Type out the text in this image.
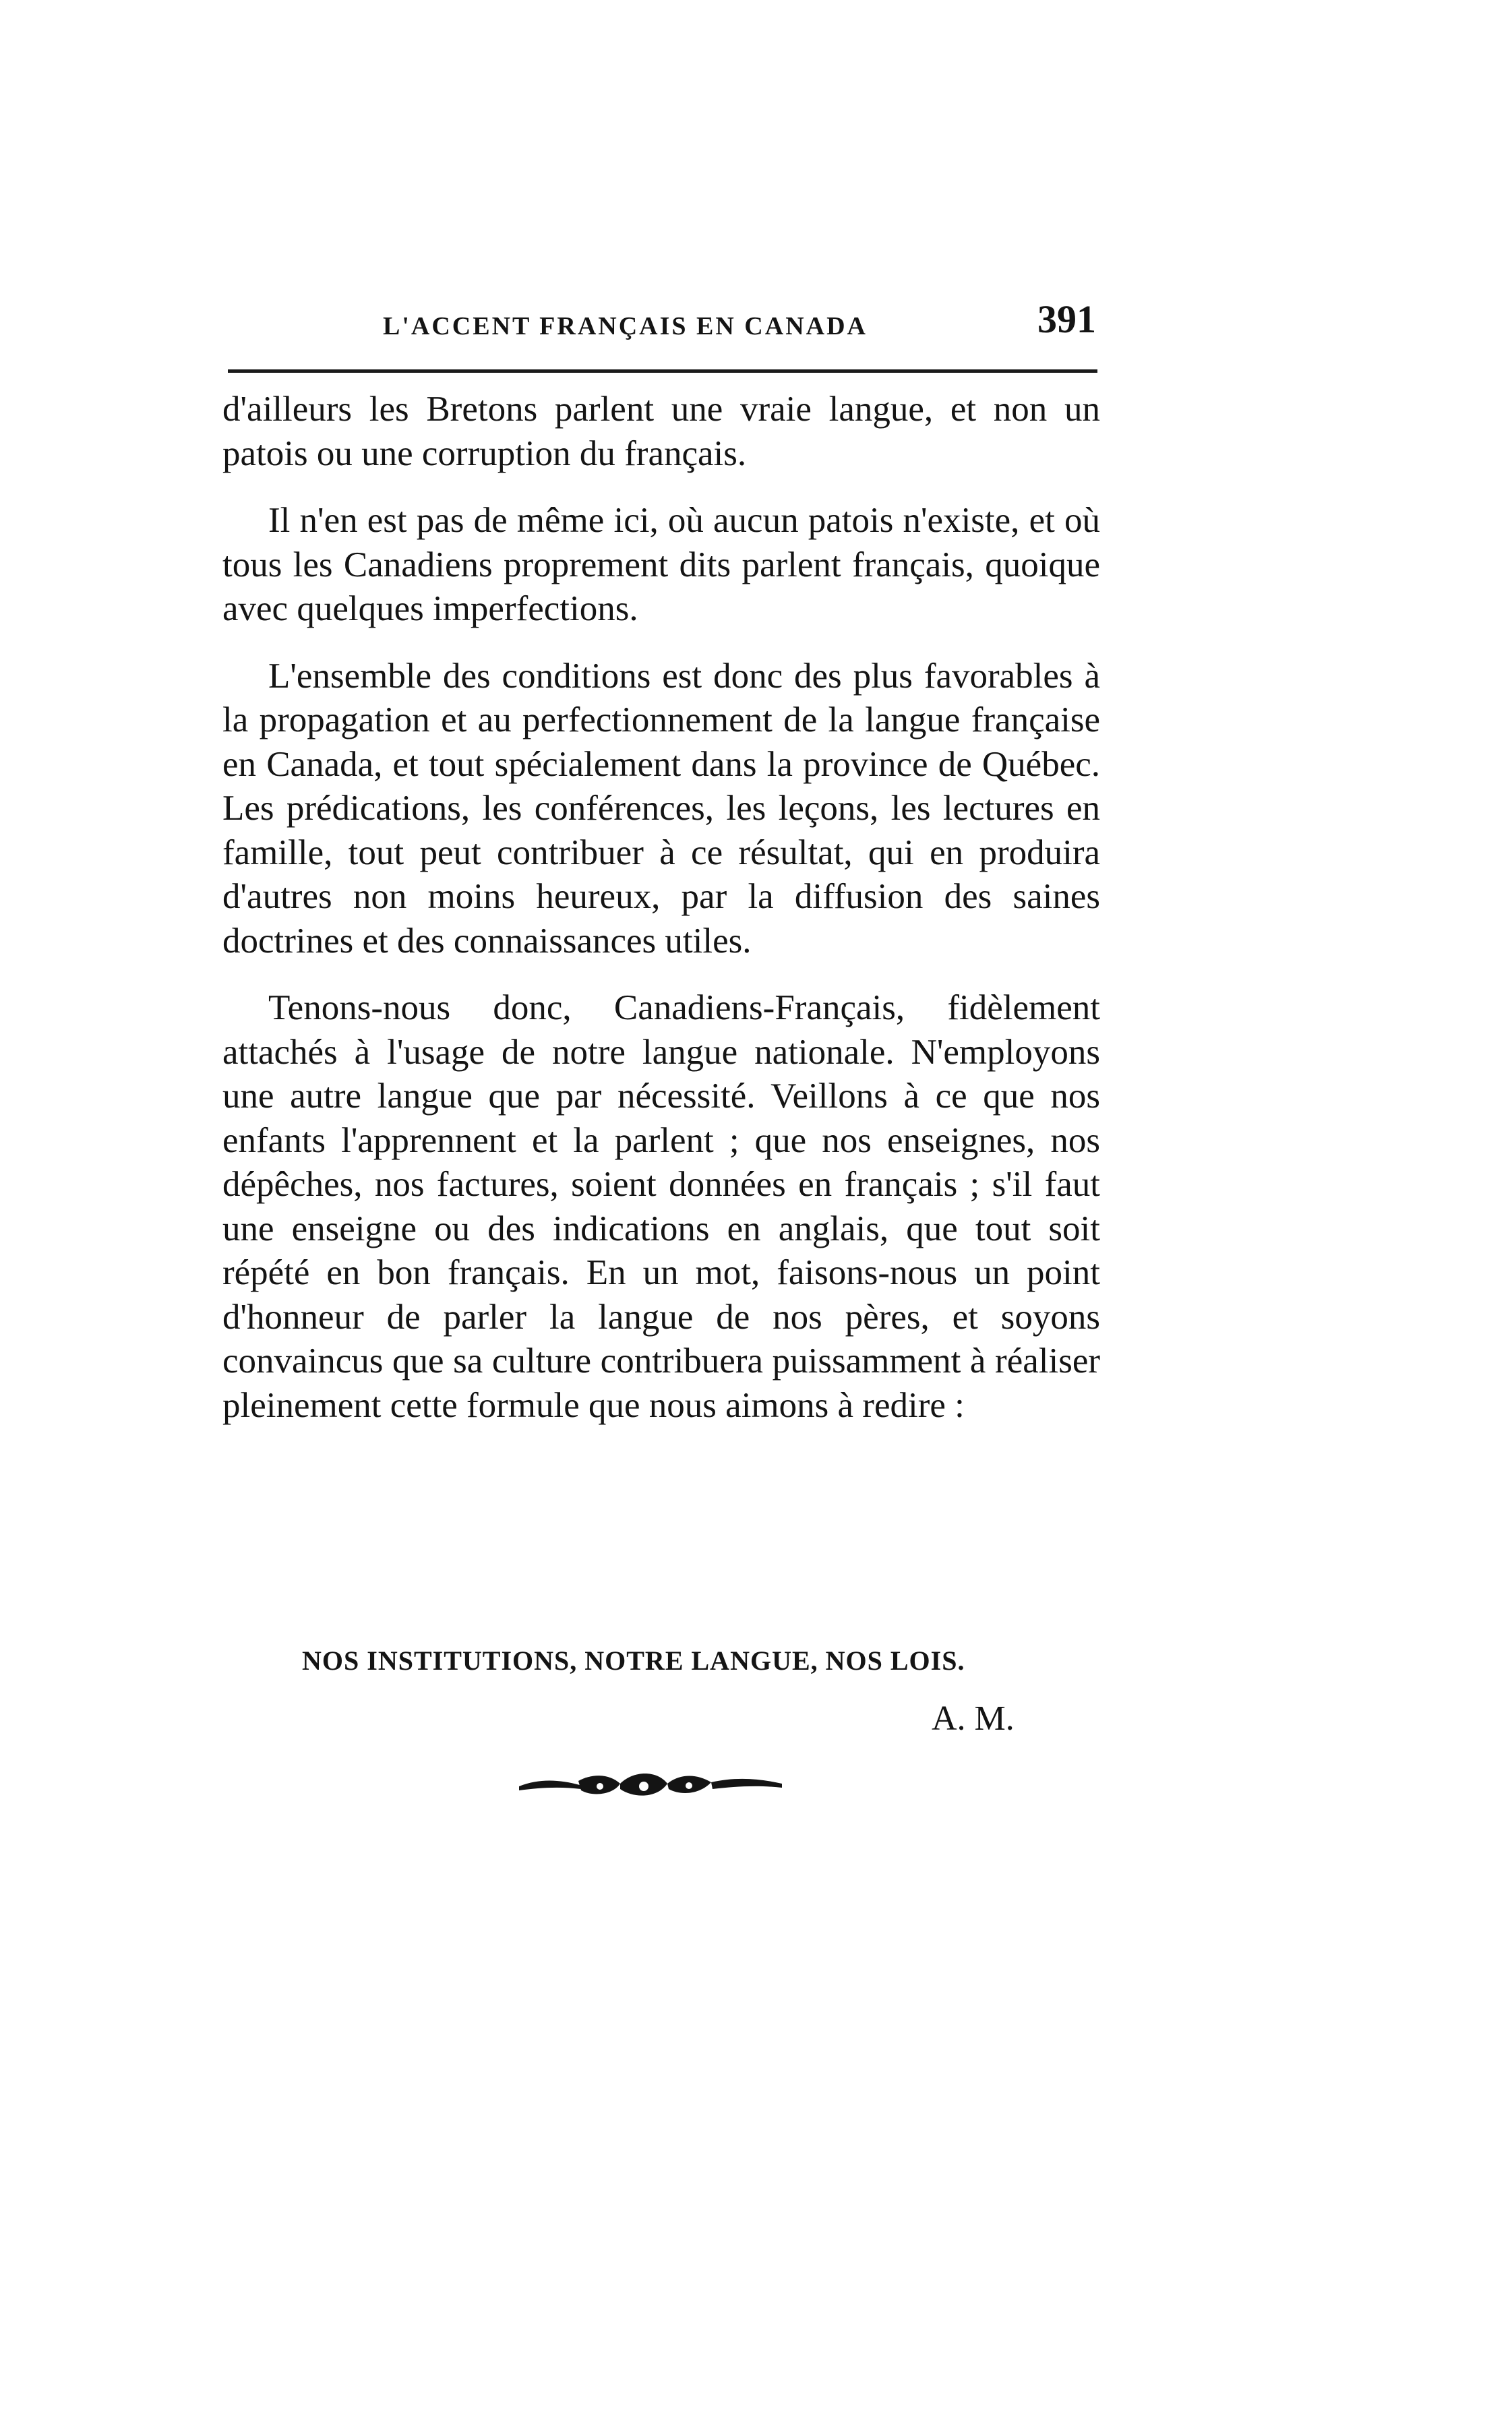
L'ACCENT FRANÇAIS EN CANADA	391

d'ailleurs les Bretons parlent une vraie langue, et non un patois ou une corruption du français.

Il n'en est pas de même ici, où aucun patois n'existe, et où tous les Canadiens proprement dits parlent français, quoique avec quelques imperfections.

L'ensemble des conditions est donc des plus favorables à la propagation et au perfectionnement de la langue française en Canada, et tout spécialement dans la province de Québec. Les prédications, les conférences, les leçons, les lectures en famille, tout peut contribuer à ce résultat, qui en produira d'autres non moins heureux, par la diffusion des saines doctrines et des connaissances utiles.

Tenons-nous donc, Canadiens-Français, fidèlement attachés à l'usage de notre langue nationale. N'employons une autre langue que par nécessité. Veillons à ce que nos enfants l'apprennent et la parlent ; que nos enseignes, nos dépêches, nos factures, soient données en français ; s'il faut une enseigne ou des indications en anglais, que tout soit répété en bon français. En un mot, faisons-nous un point d'honneur de parler la langue de nos pères, et soyons convaincus que sa culture contribuera puissamment à réaliser pleinement cette formule que nous aimons à redire :

NOS INSTITUTIONS, NOTRE LANGUE, NOS LOIS.
A. M.
